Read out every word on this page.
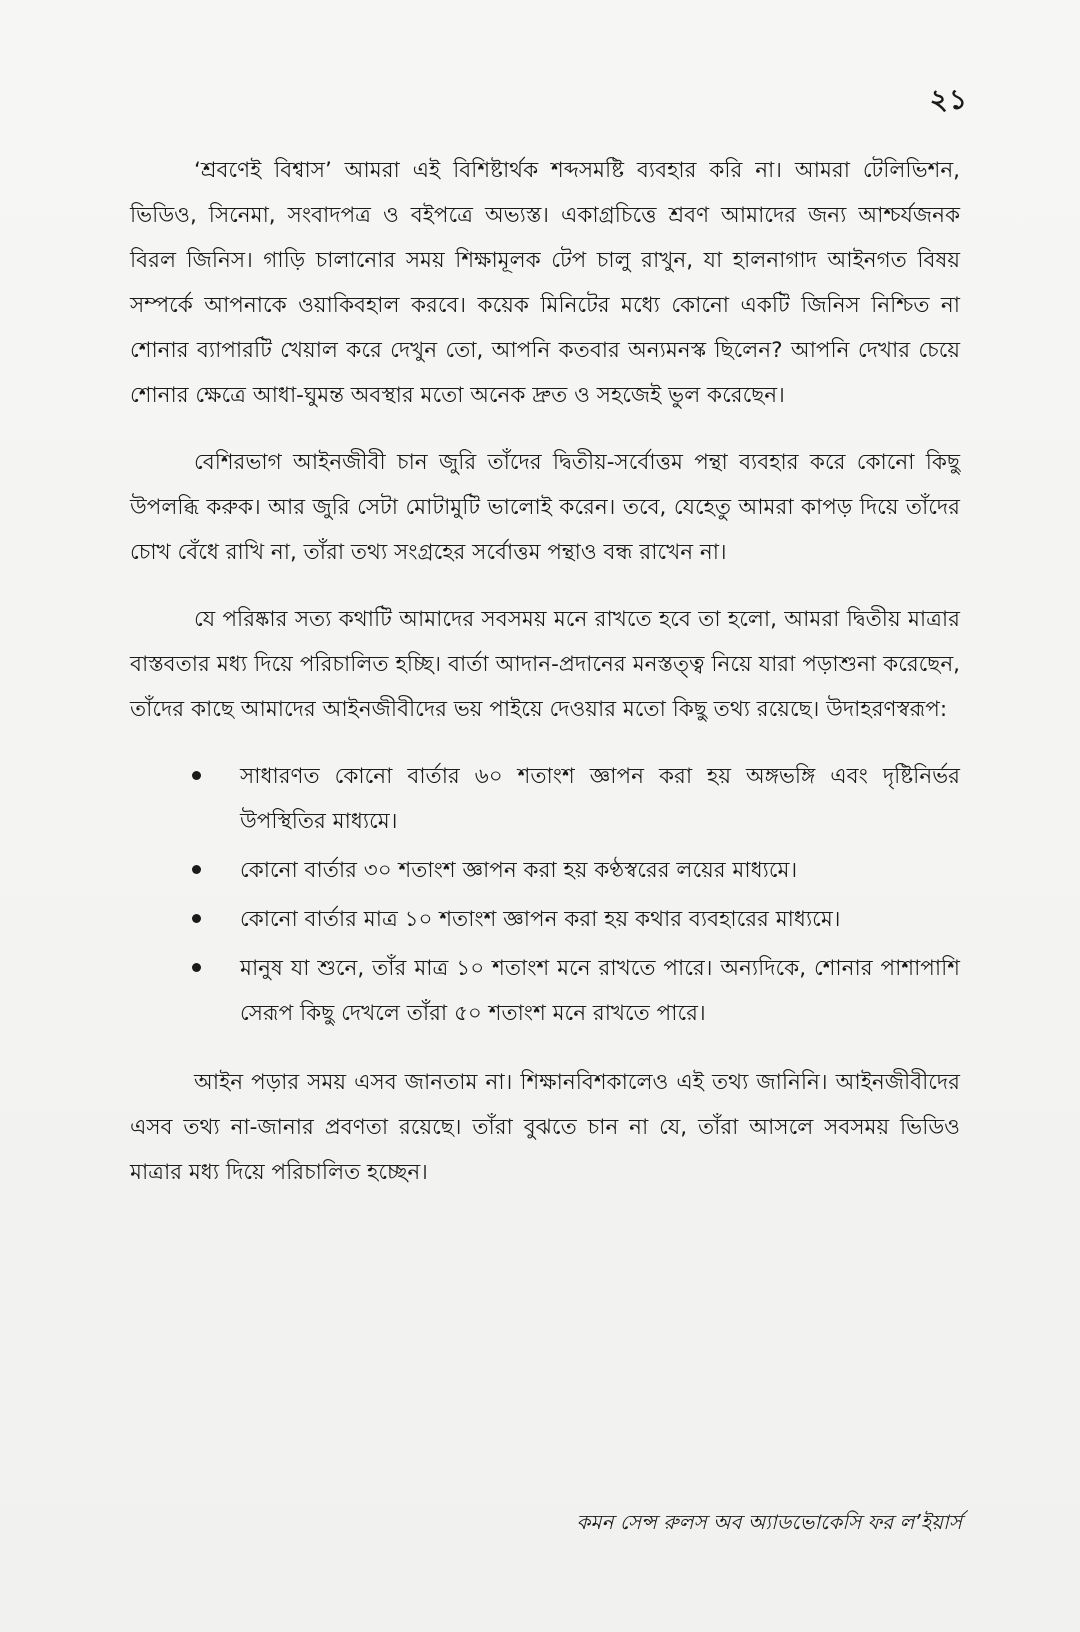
২১

‘শ্রবণেই বিশ্বাস’ আমরা এই বিশিষ্টার্থক শব্দসমষ্টি ব্যবহার করি না। আমরা টেলিভিশন, ভিডিও, সিনেমা, সংবাদপত্র ও বইপত্রে অভ্যস্ত। একাগ্রচিত্তে শ্রবণ আমাদের জন্য আশ্চর্যজনক বিরল জিনিস। গাড়ি চালানোর সময় শিক্ষামূলক টেপ চালু রাখুন, যা হালনাগাদ আইনগত বিষয় সম্পর্কে আপনাকে ওয়াকিবহাল করবে। কয়েক মিনিটের মধ্যে কোনো একটি জিনিস নিশ্চিত না শোনার ব্যাপারটি খেয়াল করে দেখুন তো, আপনি কতবার অন্যমনস্ক ছিলেন? আপনি দেখার চেয়ে শোনার ক্ষেত্রে আধা-ঘুমন্ত অবস্থার মতো অনেক দ্রুত ও সহজেই ভুল করেছেন।

বেশিরভাগ আইনজীবী চান জুরি তাঁদের দ্বিতীয়-সর্বোত্তম পন্থা ব্যবহার করে কোনো কিছু উপলব্ধি করুক। আর জুরি সেটা মোটামুটি ভালোই করেন। তবে, যেহেতু আমরা কাপড় দিয়ে তাঁদের চোখ বেঁধে রাখি না, তাঁরা তথ্য সংগ্রহের সর্বোত্তম পন্থাও বন্ধ রাখেন না।

যে পরিষ্কার সত্য কথাটি আমাদের সবসময় মনে রাখতে হবে তা হলো, আমরা দ্বিতীয় মাত্রার বাস্তবতার মধ্য দিয়ে পরিচালিত হচ্ছি। বার্তা আদান-প্রদানের মনস্তত্ত্ব নিয়ে যারা পড়াশুনা করেছেন, তাঁদের কাছে আমাদের আইনজীবীদের ভয় পাইয়ে দেওয়ার মতো কিছু তথ্য রয়েছে। উদাহরণস্বরূপ:

সাধারণত কোনো বার্তার ৬০ শতাংশ জ্ঞাপন করা হয় অঙ্গভঙ্গি এবং দৃষ্টিনির্ভর উপস্থিতির মাধ্যমে।
কোনো বার্তার ৩০ শতাংশ জ্ঞাপন করা হয় কণ্ঠস্বরের লয়ের মাধ্যমে।
কোনো বার্তার মাত্র ১০ শতাংশ জ্ঞাপন করা হয় কথার ব্যবহারের মাধ্যমে।
মানুষ যা শুনে, তাঁর মাত্র ১০ শতাংশ মনে রাখতে পারে। অন্যদিকে, শোনার পাশাপাশি সেরূপ কিছু দেখলে তাঁরা ৫০ শতাংশ মনে রাখতে পারে।

আইন পড়ার সময় এসব জানতাম না। শিক্ষানবিশকালেও এই তথ্য জানিনি। আইনজীবীদের এসব তথ্য না-জানার প্রবণতা রয়েছে। তাঁরা বুঝতে চান না যে, তাঁরা আসলে সবসময় ভিডিও মাত্রার মধ্য দিয়ে পরিচালিত হচ্ছেন।

কমন সেন্স রুলস অব অ্যাডভোকেসি ফর ল’ইয়ার্স
